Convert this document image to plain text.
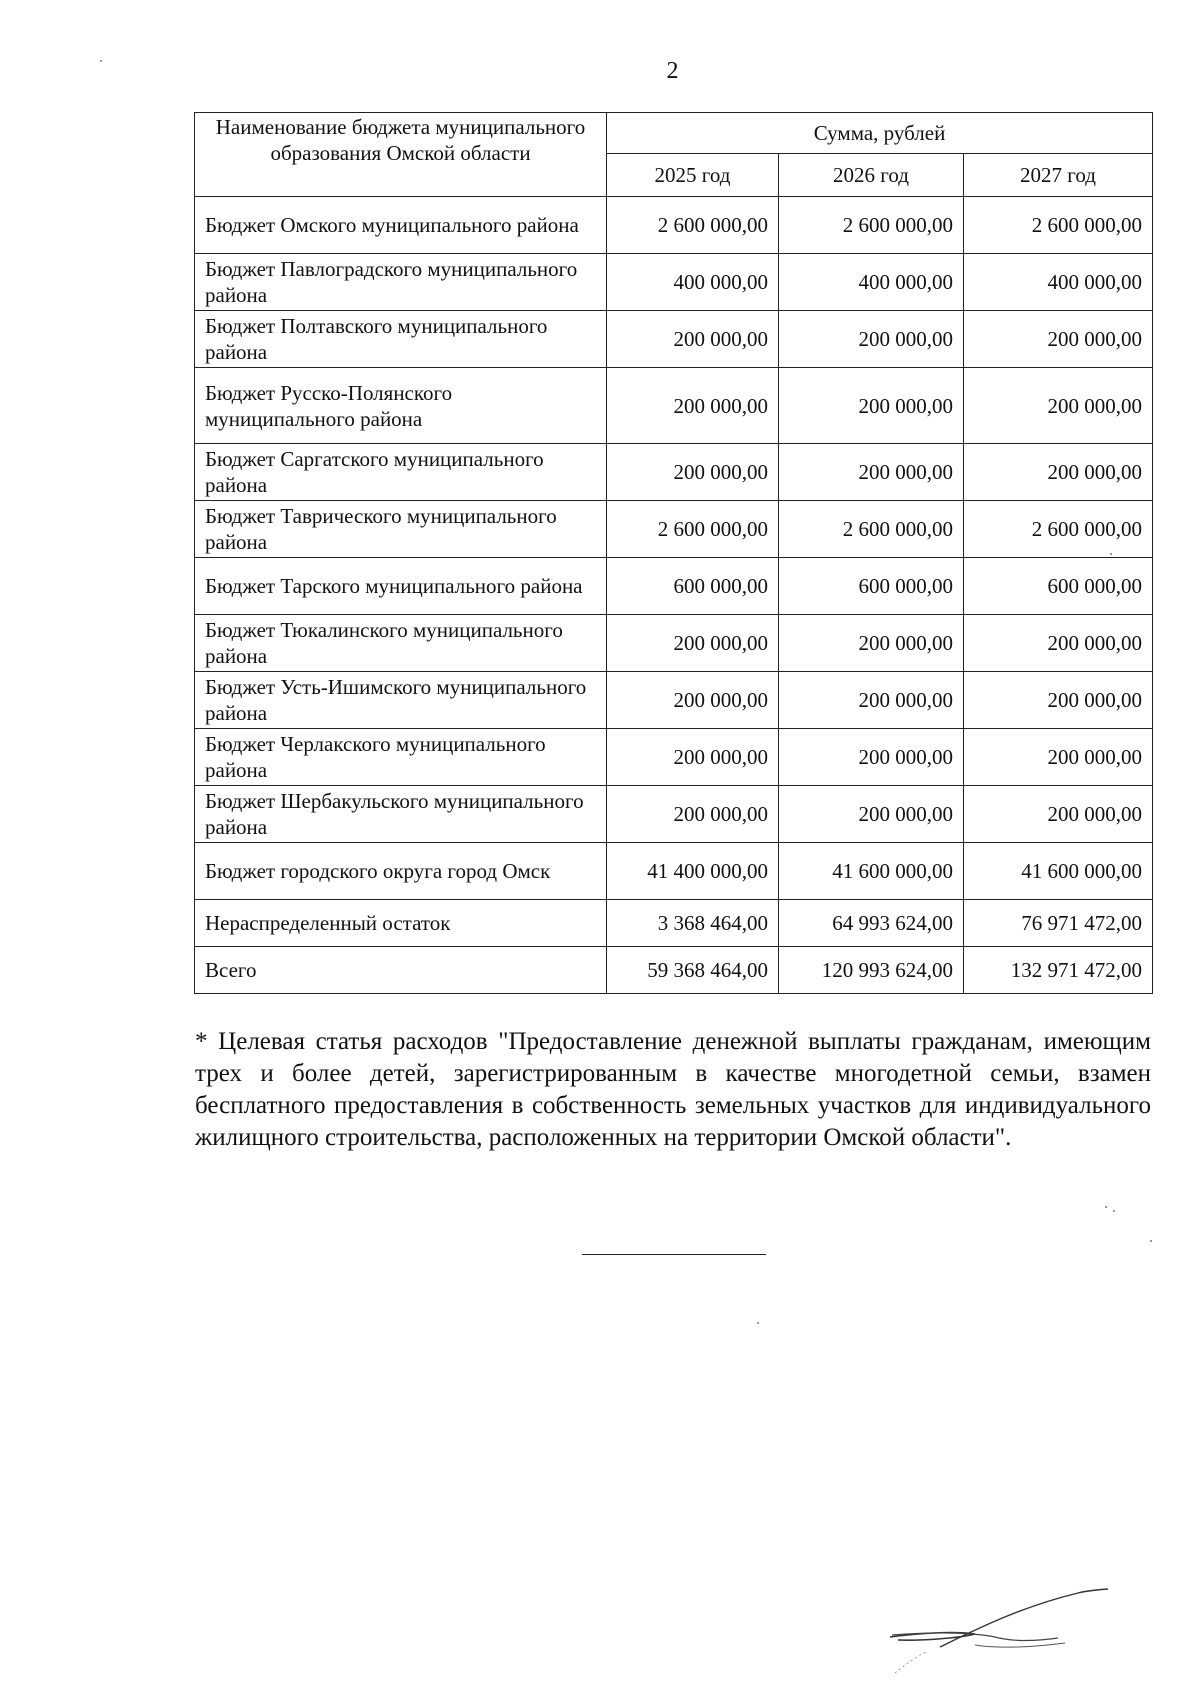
2
Наименование бюджета муниципального образования Омской области	Сумма, рублей		
	2025 год	2026 год	2027 год
Бюджет Омского муниципального района	2 600 000,00	2 600 000,00	2 600 000,00
Бюджет Павлоградского муниципального района	400 000,00	400 000,00	400 000,00
Бюджет Полтавского муниципального района	200 000,00	200 000,00	200 000,00
Бюджет Русско-Полянского муниципального района	200 000,00	200 000,00	200 000,00
Бюджет Саргатского муниципального района	200 000,00	200 000,00	200 000,00
Бюджет Таврического муниципального района	2 600 000,00	2 600 000,00	2 600 000,00
Бюджет Тарского муниципального района	600 000,00	600 000,00	600 000,00
Бюджет Тюкалинского муниципального района	200 000,00	200 000,00	200 000,00
Бюджет Усть-Ишимского муниципального района	200 000,00	200 000,00	200 000,00
Бюджет Черлакского муниципального района	200 000,00	200 000,00	200 000,00
Бюджет Шербакульского муниципального района	200 000,00	200 000,00	200 000,00
Бюджет городского округа город Омск	41 400 000,00	41 600 000,00	41 600 000,00
Нераспределенный остаток	3 368 464,00	64 993 624,00	76 971 472,00
Всего	59 368 464,00	120 993 624,00	132 971 472,00
* Целевая статья расходов "Предоставление денежной выплаты гражданам, имеющим трех и более детей, зарегистрированным в качестве многодетной семьи, взамен бесплатного предоставления в собственность земельных участков для индивидуального жилищного строительства, расположенных на территории Омской области".
